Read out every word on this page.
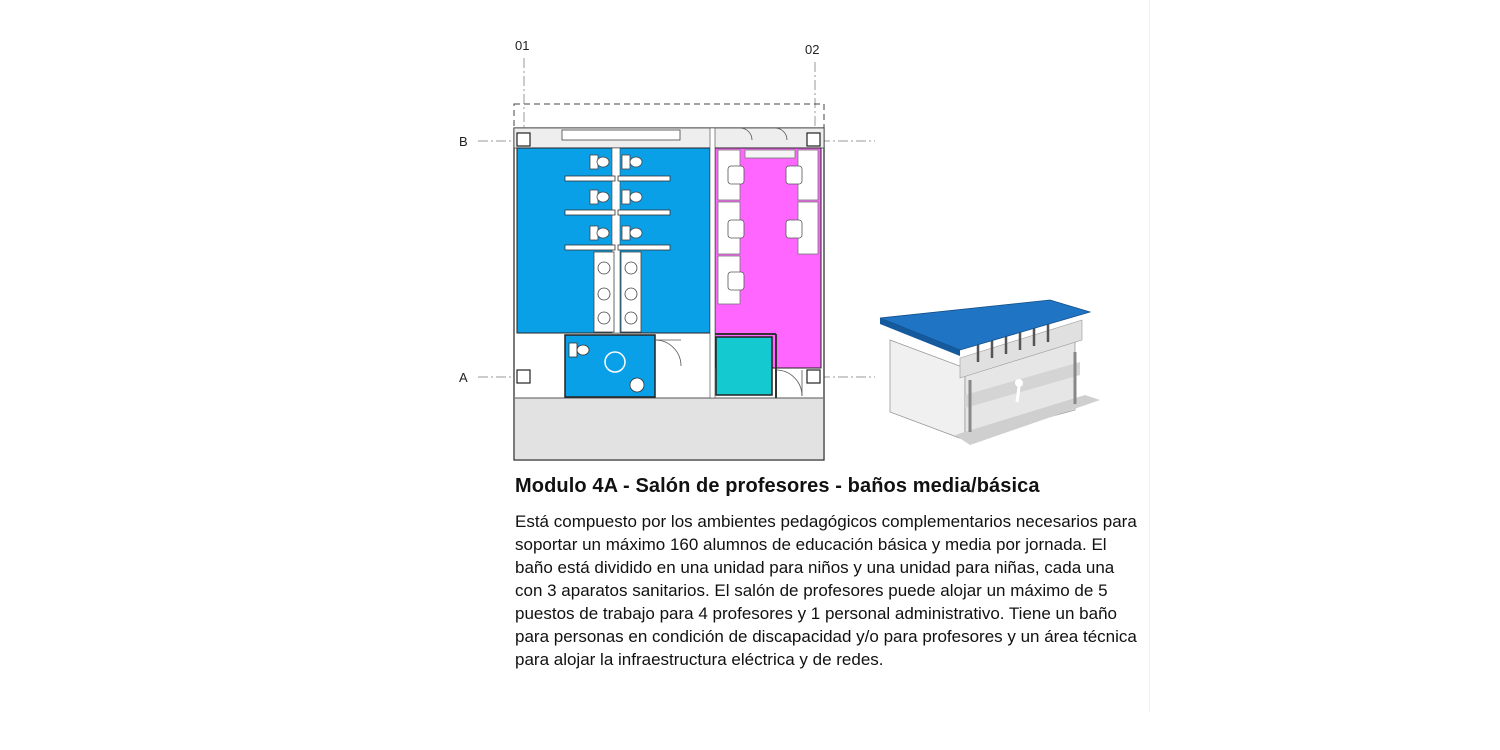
01	02
B
A
Modulo 4A - Salón de profesores - baños media/básica

Está compuesto por los ambientes pedagógicos complementarios necesarios para soportar un máximo 160 alumnos de educación básica y media por jornada. El baño está dividido en una unidad para niños y una unidad para niñas, cada una con 3 aparatos sanitarios. El salón de profesores puede alojar un máximo de 5 puestos de trabajo para 4 profesores y 1 personal administrativo. Tiene un baño para personas en condición de discapacidad y/o para profesores y un área técnica para alojar la infraestructura eléctrica y de redes.
